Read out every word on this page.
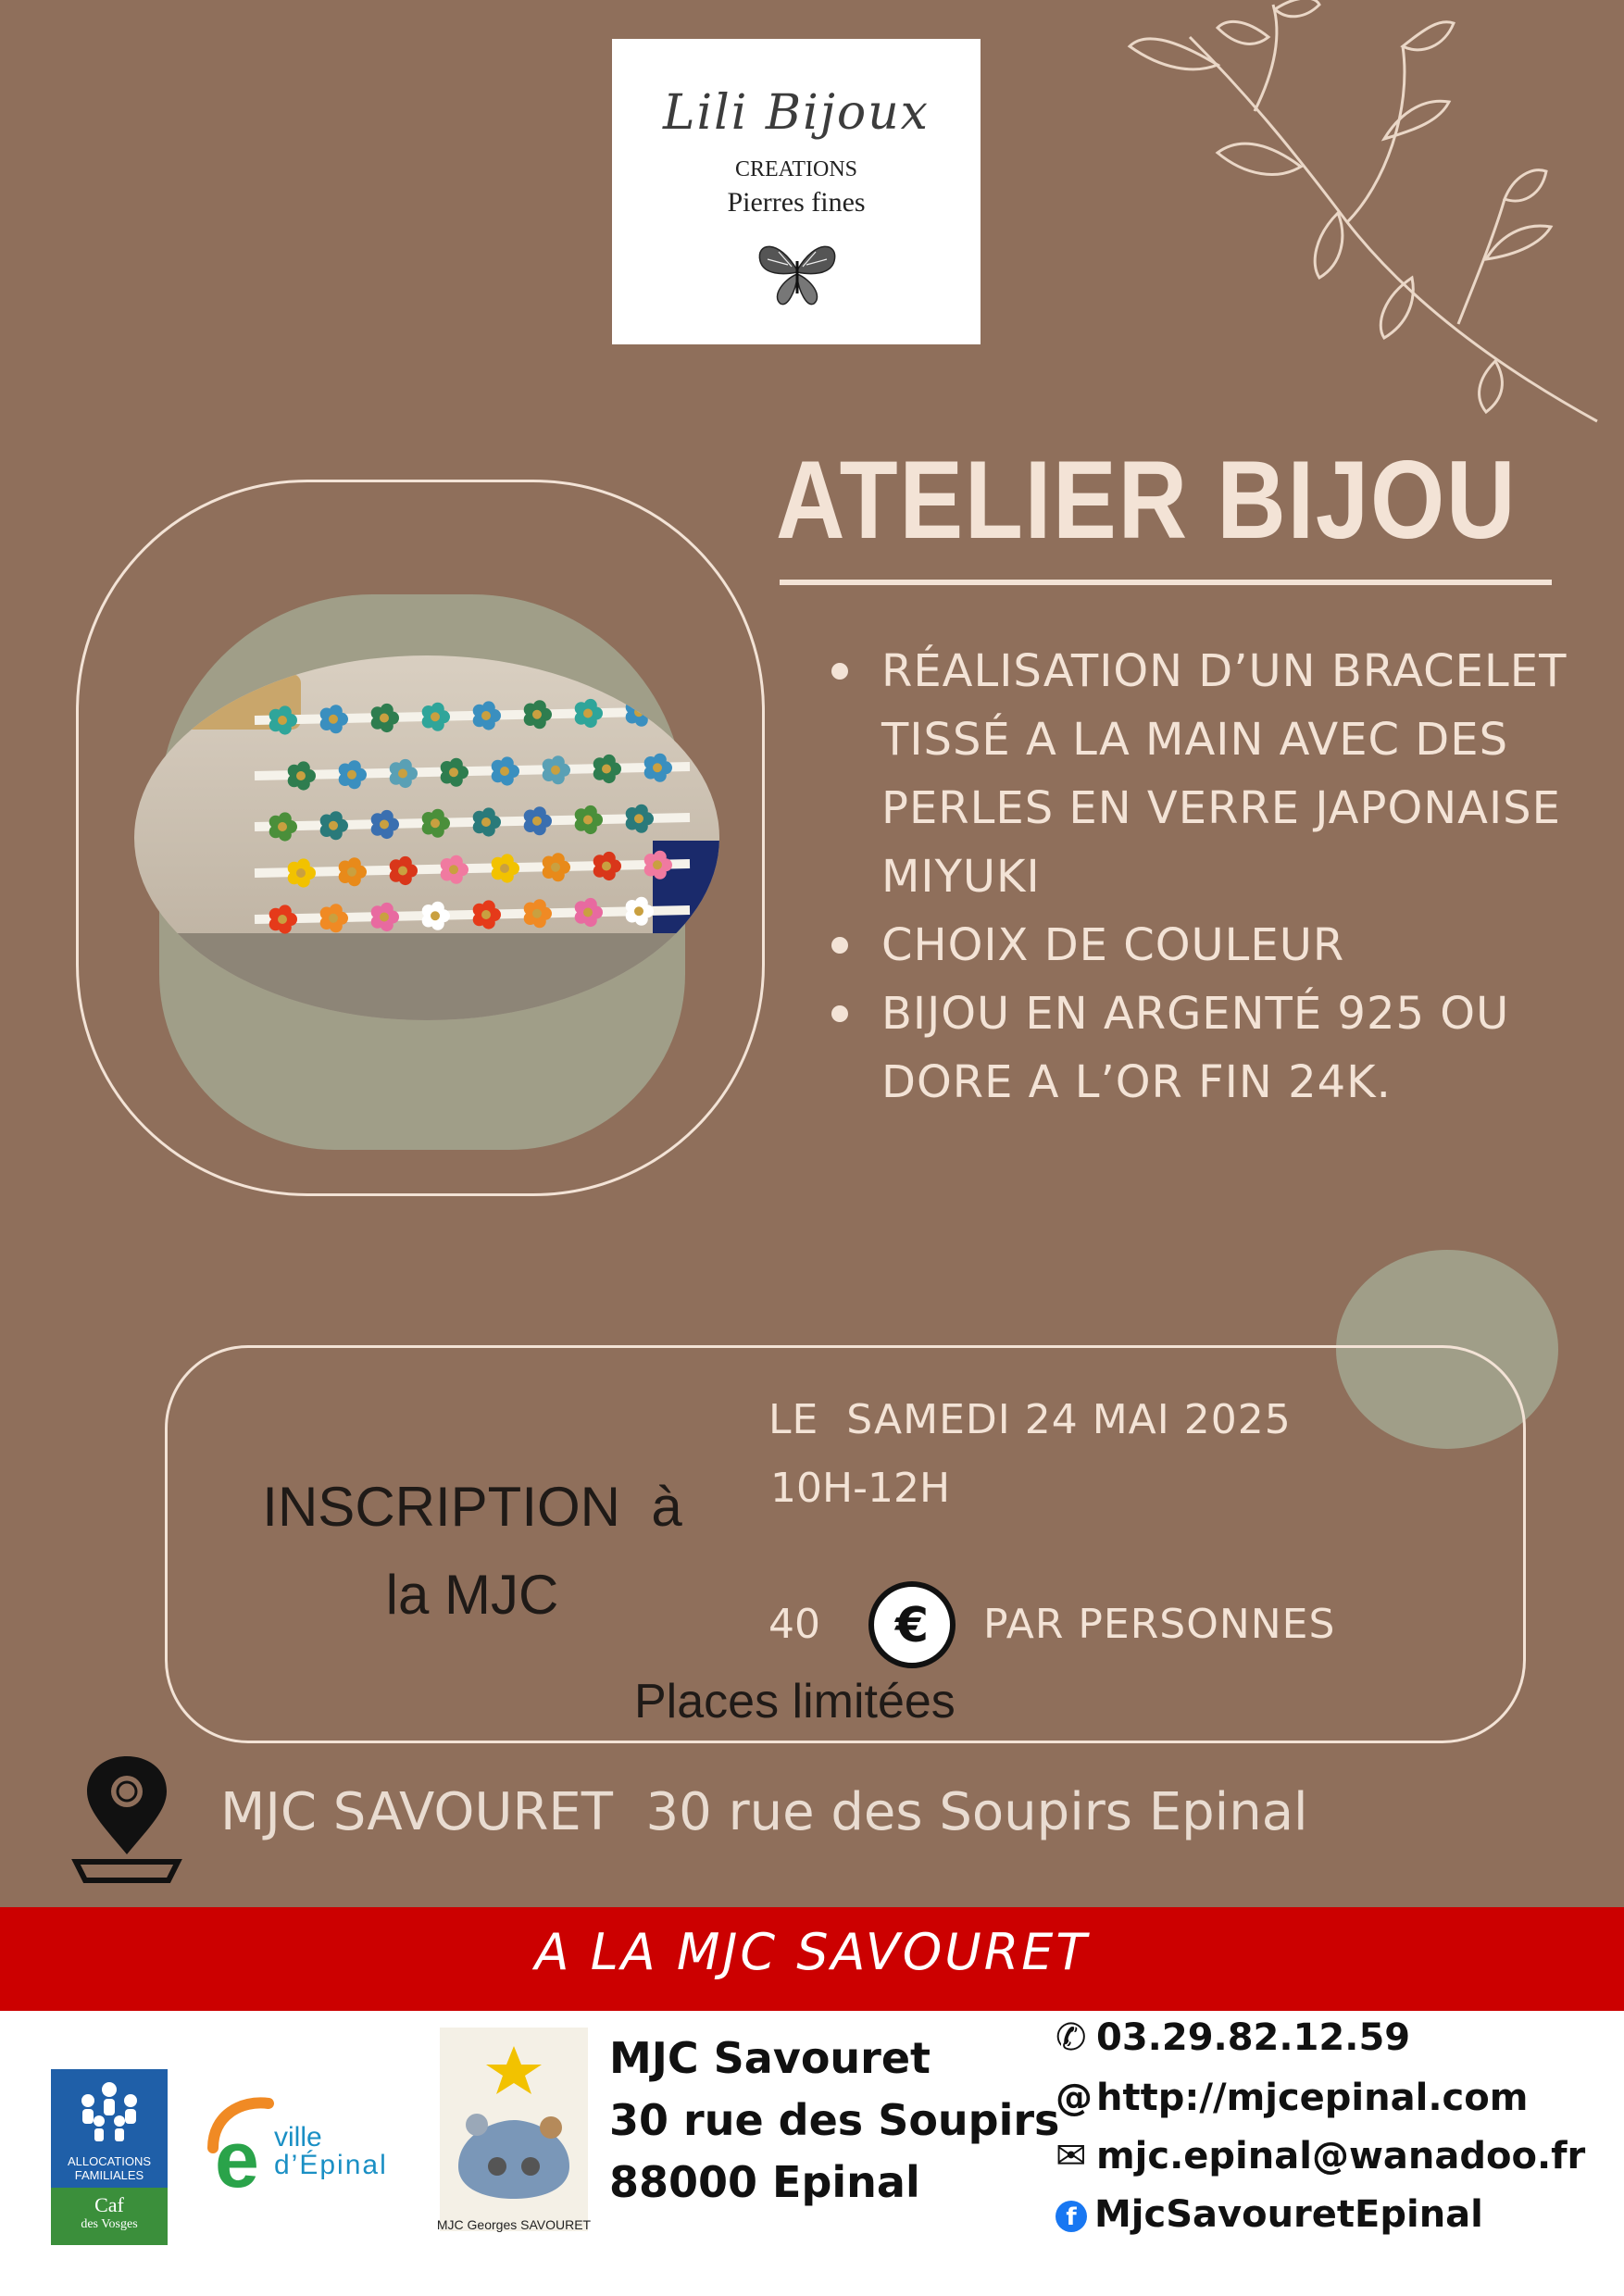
Lili Bijoux
CREATIONS
Pierres fines
ATELIER BIJOU
RÉALISATION D’UN BRACELET TISSÉ A LA MAIN AVEC DES PERLES EN VERRE JAPONAISE MIYUKI
CHOIX DE COULEUR
BIJOU EN ARGENTÉ 925 OU DORE A L’OR FIN 24K.
INSCRIPTION  à
la MJC
LE  SAMEDI 24 MAI 2025
10H-12H
40 € PAR PERSONNES
Places limitées
MJC SAVOURET  30 rue des Soupirs Epinal
A LA MJC SAVOURET
ALLOCATIONS
FAMILIALES
Caf
des Vosges
e ville
d’Épinal
MJC Georges SAVOURET
MJC Savouret
30 rue des Soupirs
88000 Epinal
✆ 03.29.82.12.59
@ http://mjcepinal.com
✉ mjc.epinal@wanadoo.fr
f MjcSavouretEpinal
